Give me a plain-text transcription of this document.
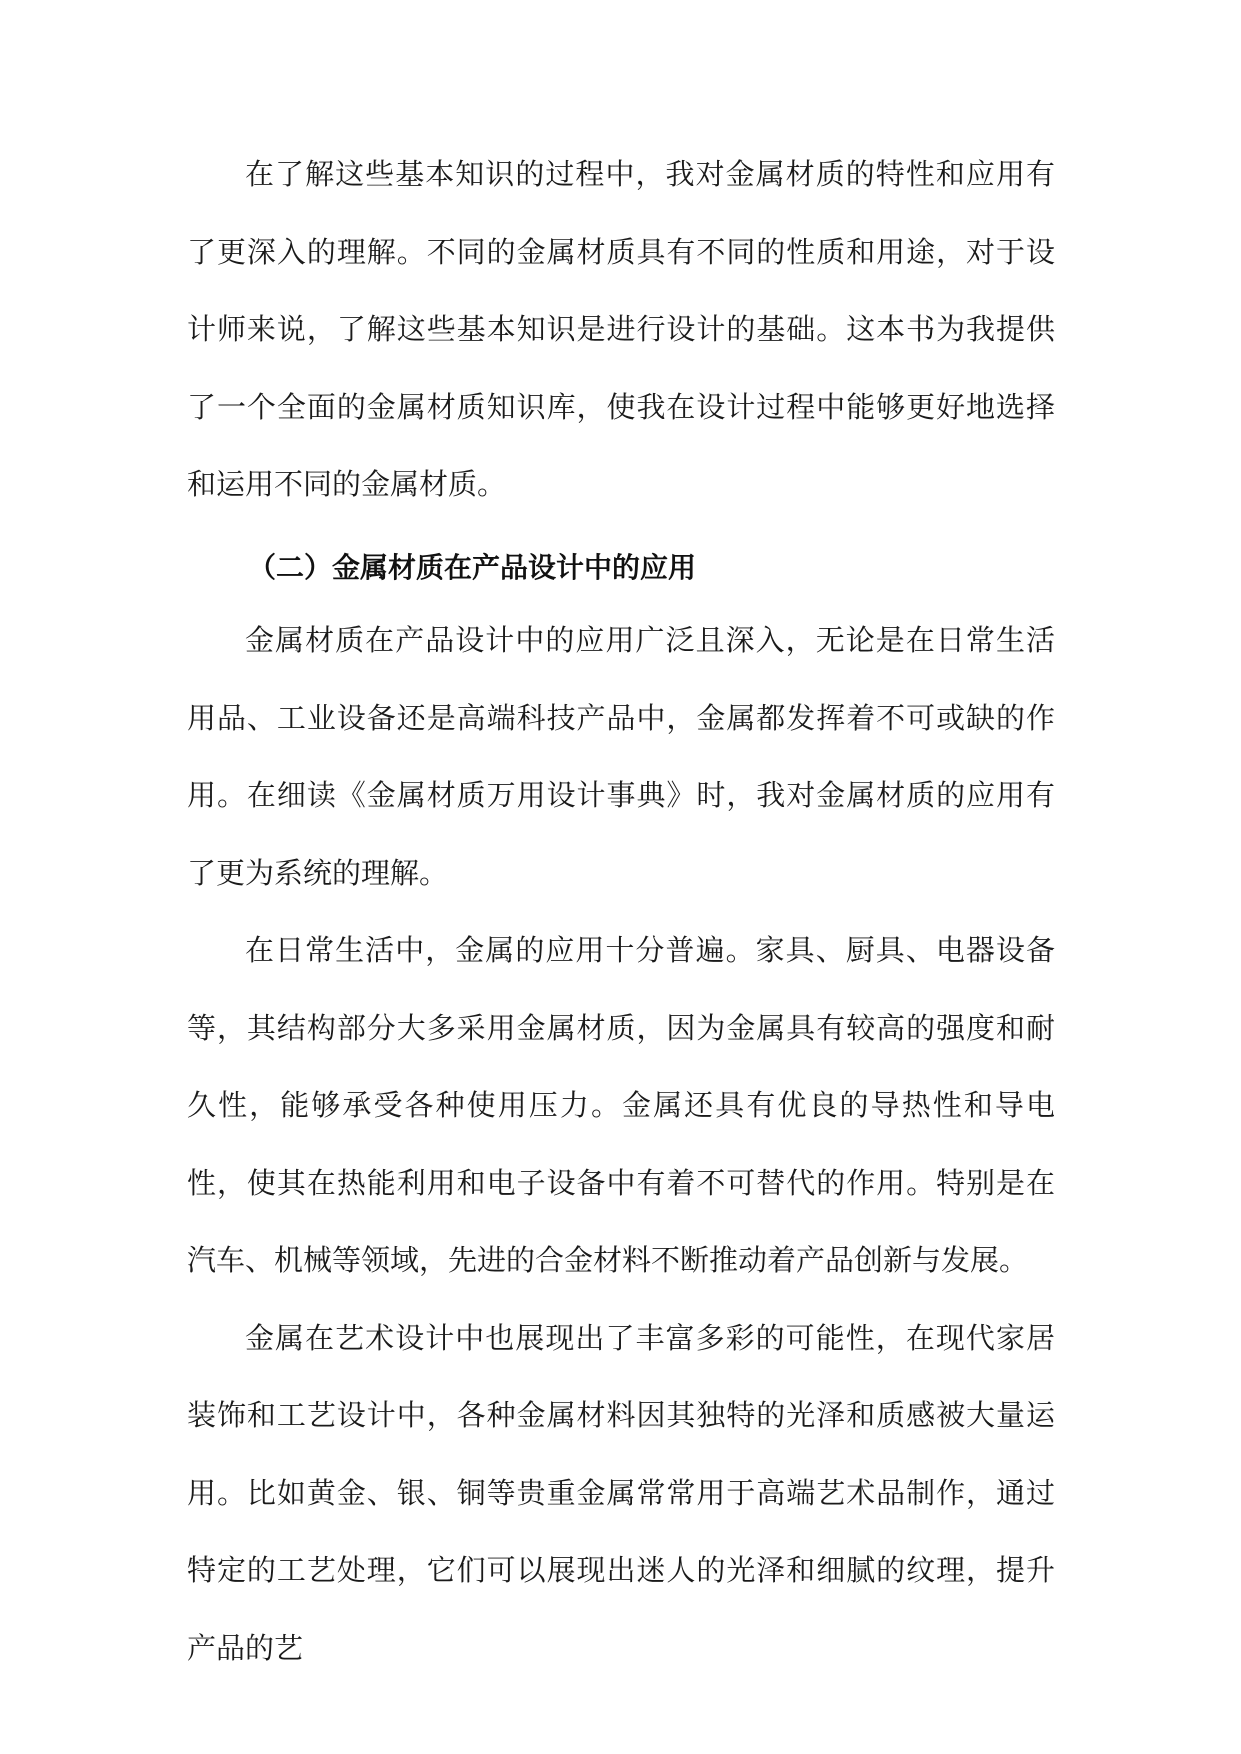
在了解这些基本知识的过程中，我对金属材质的特性和应用有了更深入的理解。不同的金属材质具有不同的性质和用途，对于设计师来说，了解这些基本知识是进行设计的基础。这本书为我提供了一个全面的金属材质知识库，使我在设计过程中能够更好地选择和运用不同的金属材质。

（二）金属材质在产品设计中的应用

金属材质在产品设计中的应用广泛且深入，无论是在日常生活用品、工业设备还是高端科技产品中，金属都发挥着不可或缺的作用。在细读《金属材质万用设计事典》时，我对金属材质的应用有了更为系统的理解。

在日常生活中，金属的应用十分普遍。家具、厨具、电器设备等，其结构部分大多采用金属材质，因为金属具有较高的强度和耐久性，能够承受各种使用压力。金属还具有优良的导热性和导电性，使其在热能利用和电子设备中有着不可替代的作用。特别是在汽车、机械等领域，先进的合金材料不断推动着产品创新与发展。

金属在艺术设计中也展现出了丰富多彩的可能性，在现代家居装饰和工艺设计中，各种金属材料因其独特的光泽和质感被大量运用。比如黄金、银、铜等贵重金属常常用于高端艺术品制作，通过特定的工艺处理，它们可以展现出迷人的光泽和细腻的纹理，提升产品的艺
